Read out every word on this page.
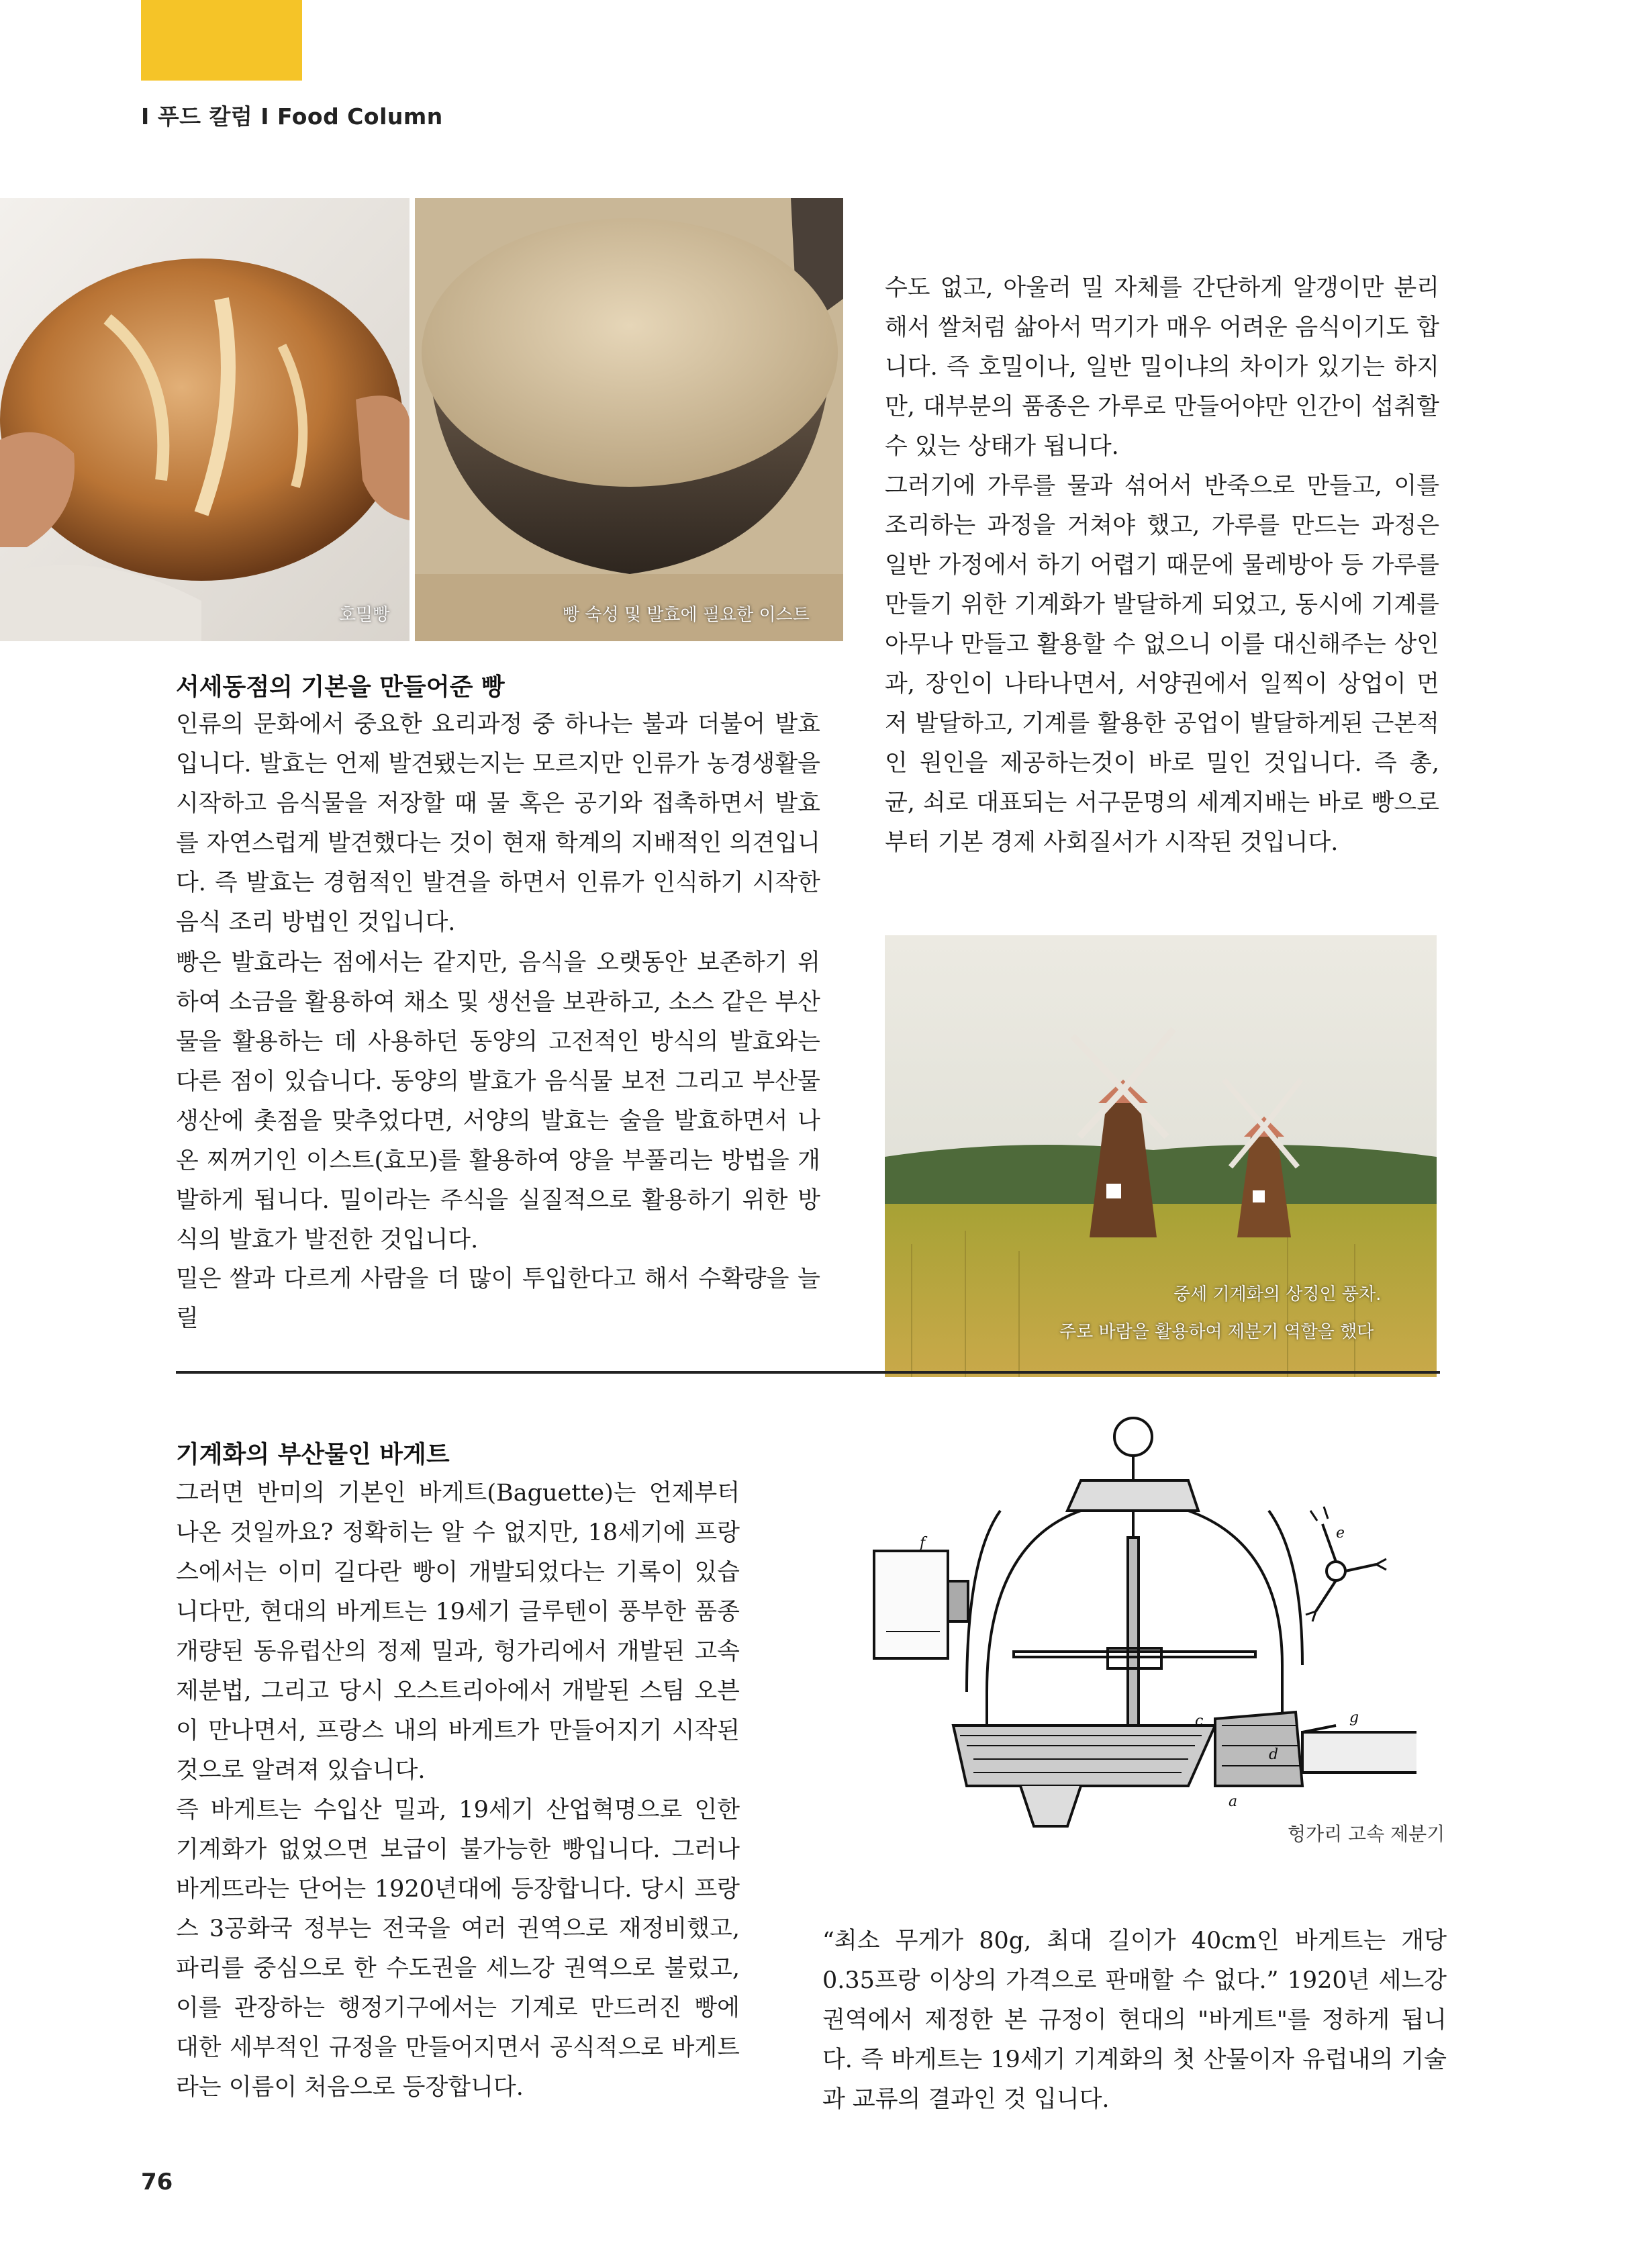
I 푸드 칼럼 I Food Column
호밀빵	빵 숙성 및 발효에 필요한 이스트
서세동점의 기본을 만들어준 빵

인류의 문화에서 중요한 요리과정 중 하나는 불과 더불어 발효입니다. 발효는 언제 발견됐는지는 모르지만 인류가 농경생활을 시작하고 음식물을 저장할 때 물 혹은 공기와 접촉하면서 발효를 자연스럽게 발견했다는 것이 현재 학계의 지배적인 의견입니다. 즉 발효는 경험적인 발견을 하면서 인류가 인식하기 시작한 음식 조리 방법인 것입니다.

빵은 발효라는 점에서는 같지만, 음식을 오랫동안 보존하기 위하여 소금을 활용하여 채소 및 생선을 보관하고, 소스 같은 부산물을 활용하는 데 사용하던 동양의 고전적인 방식의 발효와는 다른 점이 있습니다. 동양의 발효가 음식물 보전 그리고 부산물 생산에 촛점을 맞추었다면, 서양의 발효는 술을 발효하면서 나온 찌꺼기인 이스트(효모)를 활용하여 양을 부풀리는 방법을 개발하게 됩니다. 밀이라는 주식을 실질적으로 활용하기 위한 방식의 발효가 발전한 것입니다.

밀은 쌀과 다르게 사람을 더 많이 투입한다고 해서 수확량을 늘릴

수도 없고, 아울러 밀 자체를 간단하게 알갱이만 분리해서 쌀처럼 삶아서 먹기가 매우 어려운 음식이기도 합니다. 즉 호밀이나, 일반 밀이냐의 차이가 있기는 하지만, 대부분의 품종은 가루로 만들어야만 인간이 섭취할 수 있는 상태가 됩니다.

그러기에 가루를 물과 섞어서 반죽으로 만들고, 이를 조리하는 과정을 거쳐야 했고, 가루를 만드는 과정은 일반 가정에서 하기 어렵기 때문에 물레방아 등 가루를 만들기 위한 기계화가 발달하게 되었고, 동시에 기계를 아무나 만들고 활용할 수 없으니 이를 대신해주는 상인과, 장인이 나타나면서, 서양권에서 일찍이 상업이 먼저 발달하고, 기계를 활용한 공업이 발달하게된 근본적인 원인을 제공하는것이 바로 밀인 것입니다. 즉 총, 균, 쇠로 대표되는 서구문명의 세계지배는 바로 빵으로 부터 기본 경제 사회질서가 시작된 것입니다.

중세 기계화의 상징인 풍차.
주로 바람을 활용하여 제분기 역할을 했다
기계화의 부산물인 바게트

그러면 반미의 기본인 바게트(Baguette)는 언제부터 나온 것일까요? 정확히는 알 수 없지만, 18세기에 프랑스에서는 이미 길다란 빵이 개발되었다는 기록이 있습니다만, 현대의 바게트는 19세기 글루텐이 풍부한 품종 개량된 동유럽산의 정제 밀과, 헝가리에서 개발된 고속 제분법, 그리고 당시 오스트리아에서 개발된 스팀 오븐이 만나면서, 프랑스 내의 바게트가 만들어지기 시작된 것으로 알려져 있습니다.

즉 바게트는 수입산 밀과, 19세기 산업혁명으로 인한 기계화가 없었으면 보급이 불가능한 빵입니다. 그러나 바게뜨라는 단어는 1920년대에 등장합니다. 당시 프랑스 3공화국 정부는 전국을 여러 권역으로 재정비했고, 파리를 중심으로 한 수도권을 세느강 권역으로 불렀고, 이를 관장하는 행정기구에서는 기계로 만드러진 빵에 대한 세부적인 규정을 만들어지면서 공식적으로 바게트 라는 이름이 처음으로 등장합니다.

“최소 무게가 80g, 최대 길이가 40cm인 바게트는 개당 0.35프랑 이상의 가격으로 판매할 수 없다.” 1920년 세느강권역에서 제정한 본 규정이 현대의 "바게트"를 정하게 됩니다. 즉 바게트는 19세기 기계화의 첫 산물이자 유럽내의 기술과 교류의 결과인 것 입니다.

e
f
g
c
d
a
헝가리 고속 제분기
76
